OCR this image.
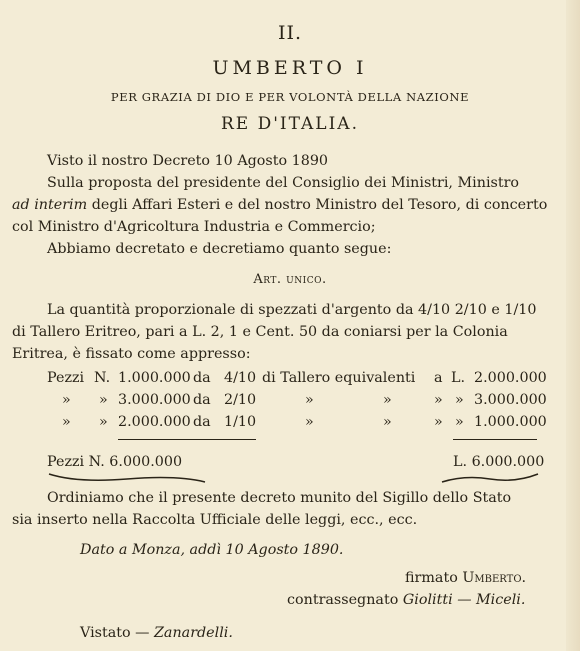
II.
UMBERTO I
PER GRAZIA DI DIO E PER VOLONTÀ DELLA NAZIONE
RE D'ITALIA.
Visto il nostro Decreto 10 Agosto 1890
Sulla proposta del presidente del Consiglio dei Ministri, Ministro
ad interim degli Affari Esteri e del nostro Ministro del Tesoro, di concerto
col Ministro d'Agricoltura Industria e Commercio;
Abbiamo decretato e decretiamo quanto segue:
Art. unico.
La quantità proporzionale di spezzati d'argento da 4/10 2/10 e 1/10
di Tallero Eritreo, pari a L. 2, 1 e Cent. 50 da coniarsi per la Colonia
Eritrea, è fissato come appresso:
Pezzi N. 1.000.000 da 4/10 di Tallero equivalenti a L. 2.000.000
» » 3.000.000 da 2/10	»	»	» » 3.000.000
» » 2.000.000 da 1/10	»	»	» » 1.000.000
Pezzi N. 6.000.000	L. 6.000.000
Ordiniamo che il presente decreto munito del Sigillo dello Stato
sia inserto nella Raccolta Ufficiale delle leggi, ecc., ecc.
Dato a Monza, addì 10 Agosto 1890.
firmato Umberto.
contrassegnato Giolitti — Miceli.
Vistato — Zanardelli.
